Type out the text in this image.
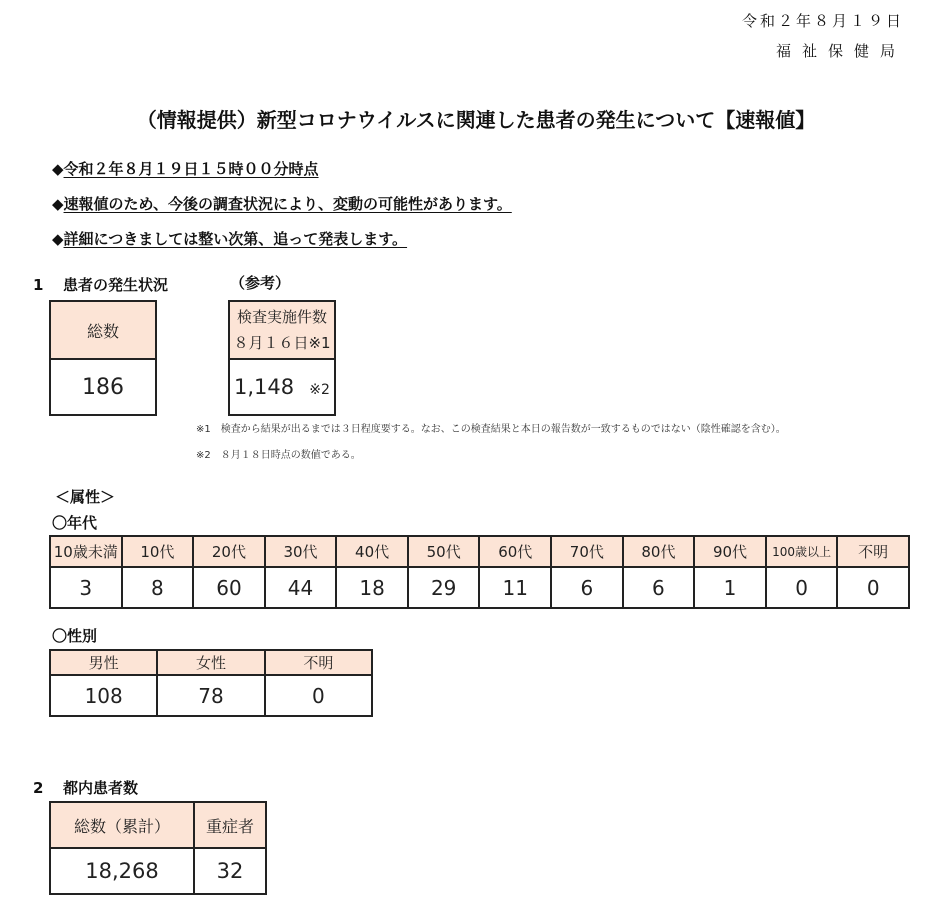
令和２年８月１９日
福祉保健局
（情報提供）新型コロナウイルスに関連した患者の発生について【速報値】
◆令和２年８月１９日１５時００分時点
◆速報値のため、今後の調査状況により、変動の可能性があります。
◆詳細につきましては整い次第、追って発表します。
1 患者の発生状況	（参考）
総数
186
検査実施件数
８月１６日※1

1,148 ※2
※1　検査から結果が出るまでは３日程度要する。なお、この検査結果と本日の報告数が一致するものではない（陰性確認を含む）。
※2　８月１８日時点の数値である。
＜属性＞
〇年代
10歳未満	10代	20代	30代	40代	50代	60代	70代	80代	90代	100歳以上	不明
3	8	60	44	18	29	11	6	6	1	0	0
〇性別
男性	女性	不明
108	78	0
2 都内患者数
総数（累計）	重症者
18,268	32
